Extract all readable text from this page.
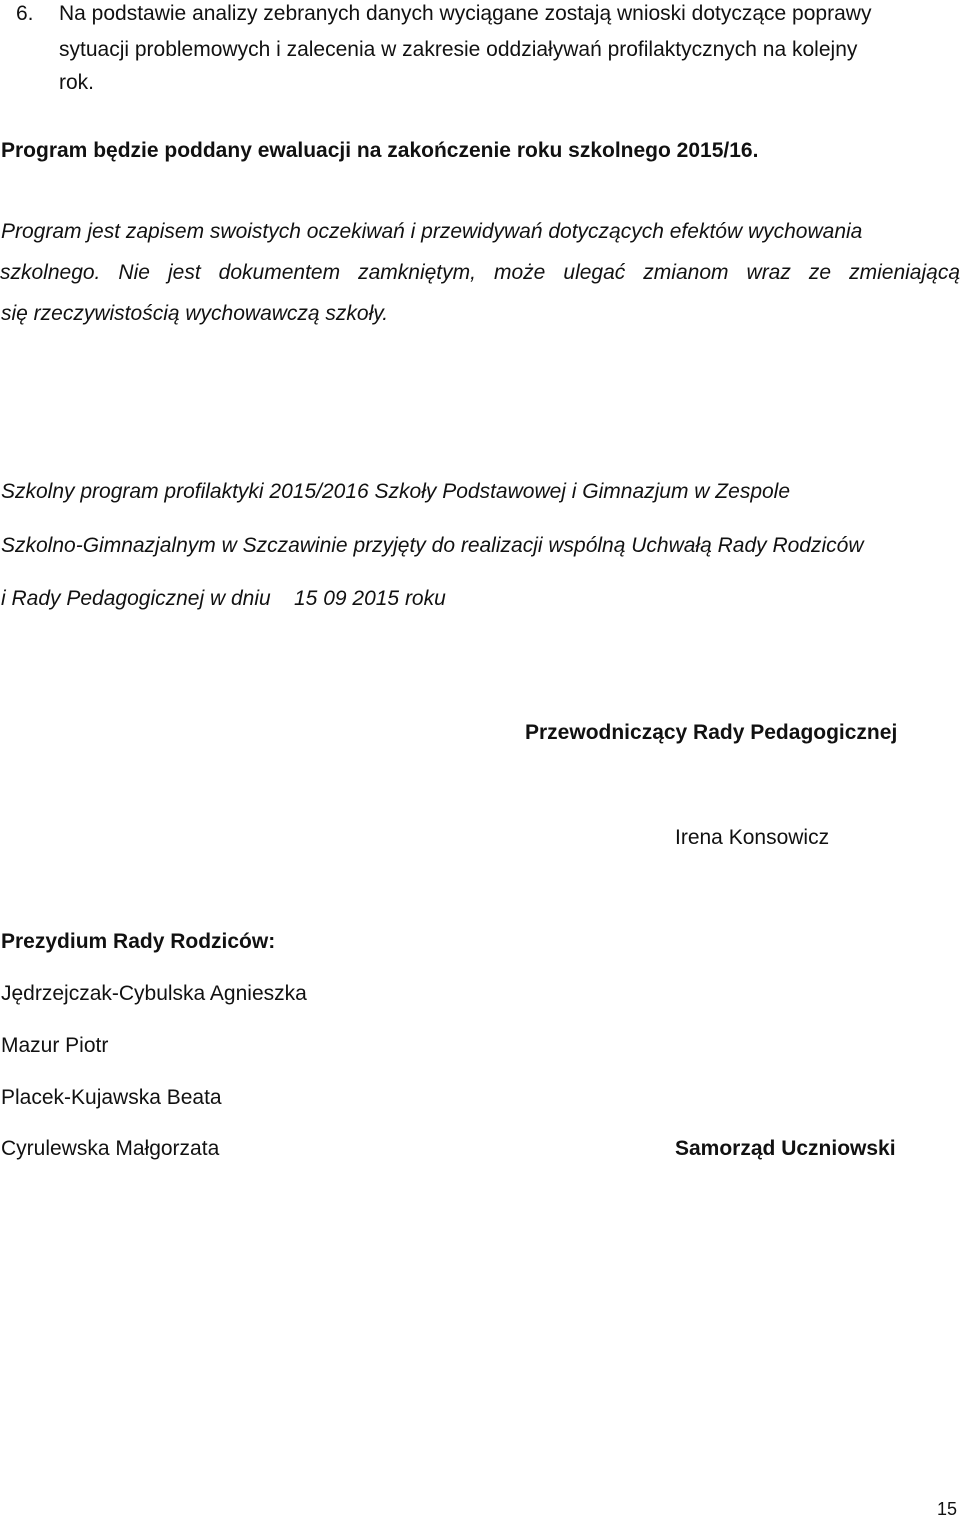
6. Na podstawie analizy zebranych danych wyciągane zostają wnioski dotyczące poprawy
sytuacji problemowych i zalecenia w zakresie oddziaływań profilaktycznych na kolejny
rok.
Program będzie poddany ewaluacji na zakończenie roku szkolnego 2015/16.
Program jest zapisem swoistych oczekiwań i przewidywań dotyczących efektów wychowania
szkolnego. Nie jest dokumentem zamkniętym, może ulegać zmianom wraz ze zmieniającą
się rzeczywistością wychowawczą szkoły.
Szkolny program profilaktyki 2015/2016 Szkoły Podstawowej i Gimnazjum w Zespole
Szkolno-Gimnazjalnym w Szczawinie przyjęty do realizacji wspólną Uchwałą Rady Rodziców
i Rady Pedagogicznej w dniu    15 09 2015 roku
Przewodniczący Rady Pedagogicznej
Irena Konsowicz
Prezydium Rady Rodziców:
Jędrzejczak-Cybulska Agnieszka
Mazur Piotr
Placek-Kujawska Beata
Cyrulewska Małgorzata	Samorząd Uczniowski
15
